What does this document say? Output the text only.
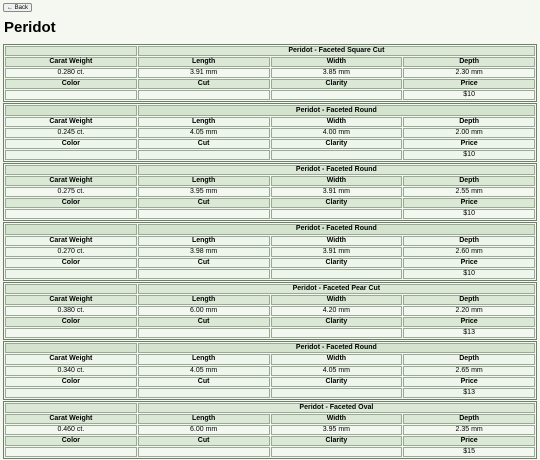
← Back
Peridot
	Peridot - Faceted Square Cut		
Carat Weight	Length	Width	Depth
0.280 ct.	3.91 mm	3.85 mm	2.30 mm
Color	Cut	Clarity	Price
			$10
	Peridot - Faceted Round		
Carat Weight	Length	Width	Depth
0.245 ct.	4.05 mm	4.00 mm	2.00 mm
Color	Cut	Clarity	Price
			$10
	Peridot - Faceted Round		
Carat Weight	Length	Width	Depth
0.275 ct.	3.95 mm	3.91 mm	2.55 mm
Color	Cut	Clarity	Price
			$10
	Peridot - Faceted Round		
Carat Weight	Length	Width	Depth
0.270 ct.	3.98 mm	3.91 mm	2.60 mm
Color	Cut	Clarity	Price
			$10
	Peridot - Faceted Pear Cut		
Carat Weight	Length	Width	Depth
0.380 ct.	6.00 mm	4.20 mm	2.20 mm
Color	Cut	Clarity	Price
			$13
	Peridot - Faceted Round		
Carat Weight	Length	Width	Depth
0.340 ct.	4.05 mm	4.05 mm	2.65 mm
Color	Cut	Clarity	Price
			$13
	Peridot - Faceted Oval		
Carat Weight	Length	Width	Depth
0.460 ct.	6.00 mm	3.95 mm	2.35 mm
Color	Cut	Clarity	Price
			$15
